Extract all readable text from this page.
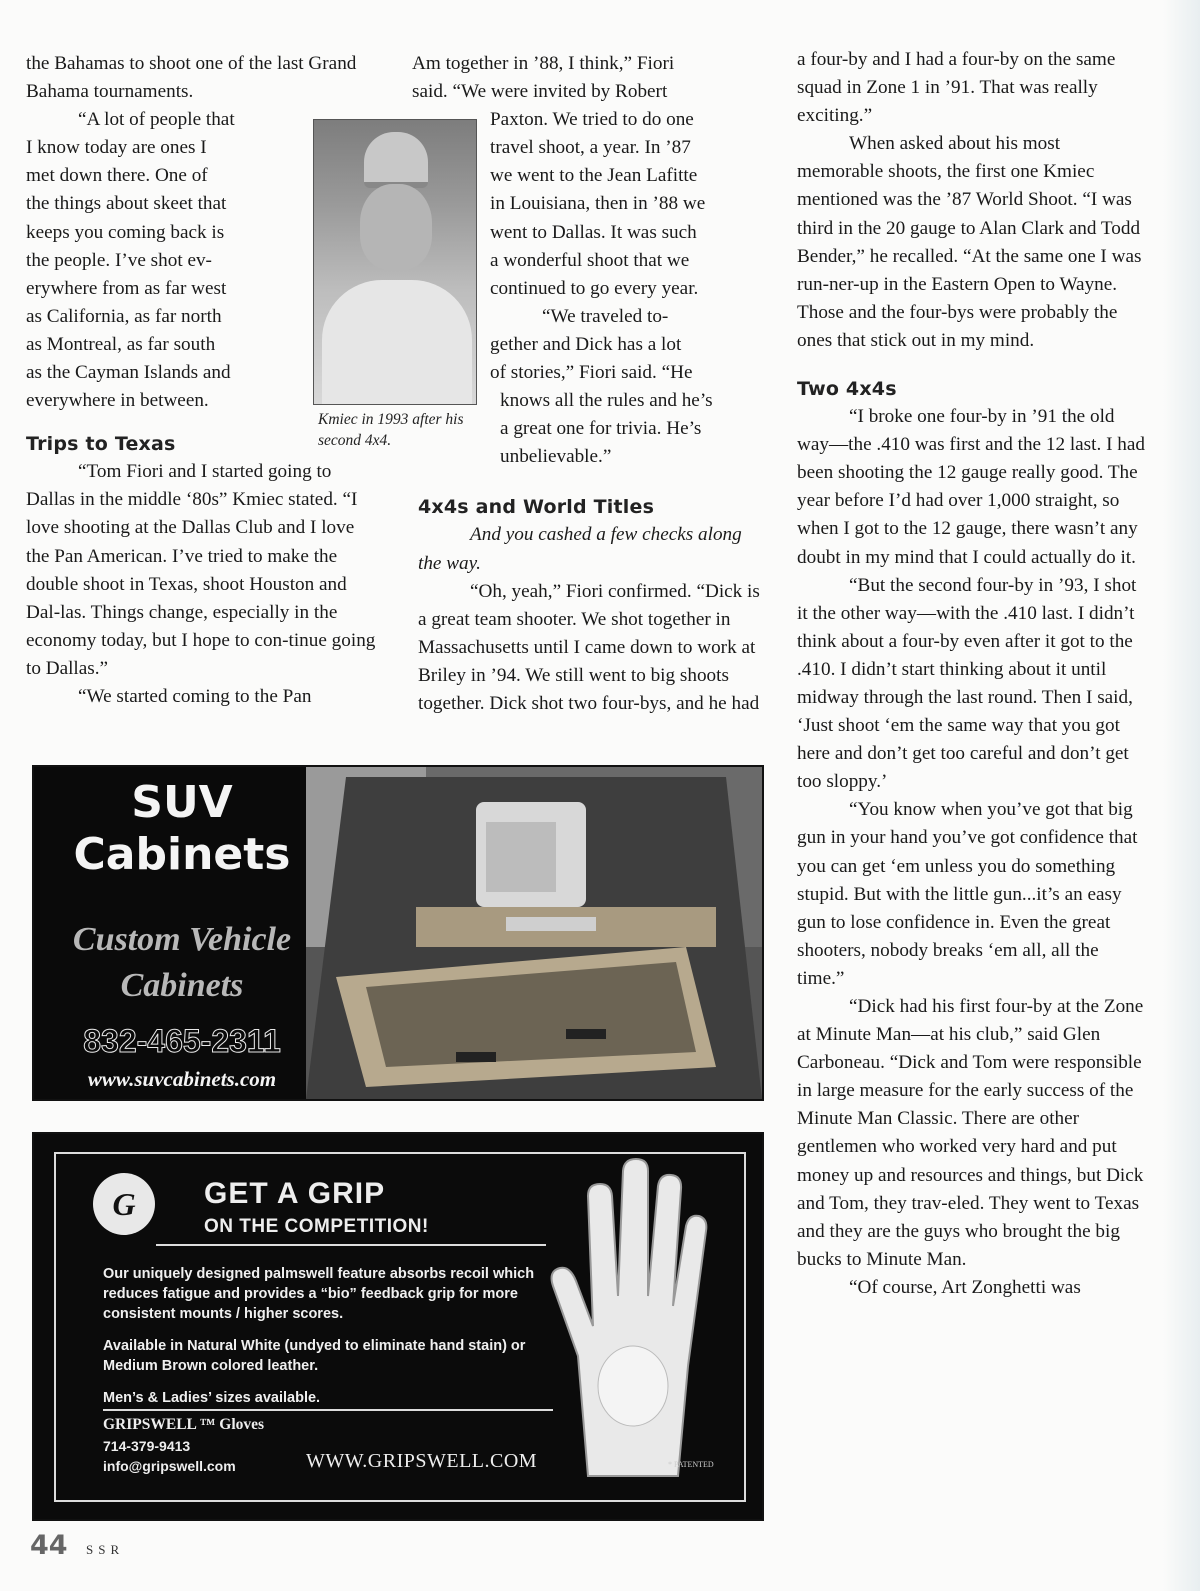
the Bahamas to shoot one of the last Grand Bahama tournaments.

“A lot of people that
I know today are ones I
met down there. One of
the things about skeet that
keeps you coming back is
the people. I’ve shot ev-
erywhere from as far west
as California, as far north
as Montreal, as far south
as the Cayman Islands and
everywhere in between.
Trips to Texas

“Tom Fiori and I started going to Dallas in the middle ‘80s” Kmiec stated. “I love shooting at the Dallas Club and I love the Pan American. I’ve tried to make the double shoot in Texas, shoot Houston and Dal-las. Things change, especially in the economy today, but I hope to con-tinue going to Dallas.”

“We started coming to the Pan

Kmiec in 1993 after his second 4x4.
Am together in ’88, I think,” Fiori
said. “We were invited by Robert
Paxton. We tried to do one
travel shoot, a year. In ’87
we went to the Jean Lafitte
in Louisiana, then in ’88 we
went to Dallas. It was such
a wonderful shoot that we
continued to go every year.
“We traveled to-
gether and Dick has a lot
of stories,” Fiori said. “He
knows all the rules and he’s
a great one for trivia. He’s
unbelievable.”
4x4s and World Titles

And you cashed a few checks along the way.

“Oh, yeah,” Fiori confirmed. “Dick is a great team shooter. We shot together in Massachusetts until I came down to work at Briley in ’94. We still went to big shoots together. Dick shot two four-bys, and he had

a four-by and I had a four-by on the same squad in Zone 1 in ’91. That was really exciting.”

When asked about his most memorable shoots, the first one Kmiec mentioned was the ’87 World Shoot. “I was third in the 20 gauge to Alan Clark and Todd Bender,” he recalled. “At the same one I was run-ner-up in the Eastern Open to Wayne. Those and the four-bys were probably the ones that stick out in my mind.

Two 4x4s

“I broke one four-by in ’91 the old way—the .410 was first and the 12 last. I had been shooting the 12 gauge really good. The year before I’d had over 1,000 straight, so when I got to the 12 gauge, there wasn’t any doubt in my mind that I could actually do it.

“But the second four-by in ’93, I shot it the other way—with the .410 last. I didn’t think about a four-by even after it got to the .410. I didn’t start thinking about it until midway through the last round. Then I said, ‘Just shoot ‘em the same way that you got here and don’t get too careful and don’t get too sloppy.’

“You know when you’ve got that big gun in your hand you’ve got confidence that you can get ‘em unless you do something stupid. But with the little gun...it’s an easy gun to lose confidence in. Even the great shooters, nobody breaks ‘em all, all the time.”

“Dick had his first four-by at the Zone at Minute Man—at his club,” said Glen Carboneau. “Dick and Tom were responsible in large measure for the early success of the Minute Man Classic. There are other gentlemen who worked very hard and put money up and resources and things, but Dick and Tom, they trav-eled. They went to Texas and they are the guys who brought the big bucks to Minute Man.

“Of course, Art Zonghetti was

SUV
Cabinets
Custom Vehicle
Cabinets
832-465-2311
www.suvcabinets.com
G	GET A GRIP
ON THE COMPETITION!

Our uniquely designed palmswell feature absorbs recoil which reduces fatigue and provides a “bio” feedback grip for more consistent mounts / higher scores.

Available in Natural White (undyed to eliminate hand stain) or Medium Brown colored leather.

Men’s & Ladies’ sizes available.

GRIPSWELL ™ Gloves
714-379-9413
info@gripswell.com	WWW.GRIPSWELL.COM	* PATENTED
44 SSR
